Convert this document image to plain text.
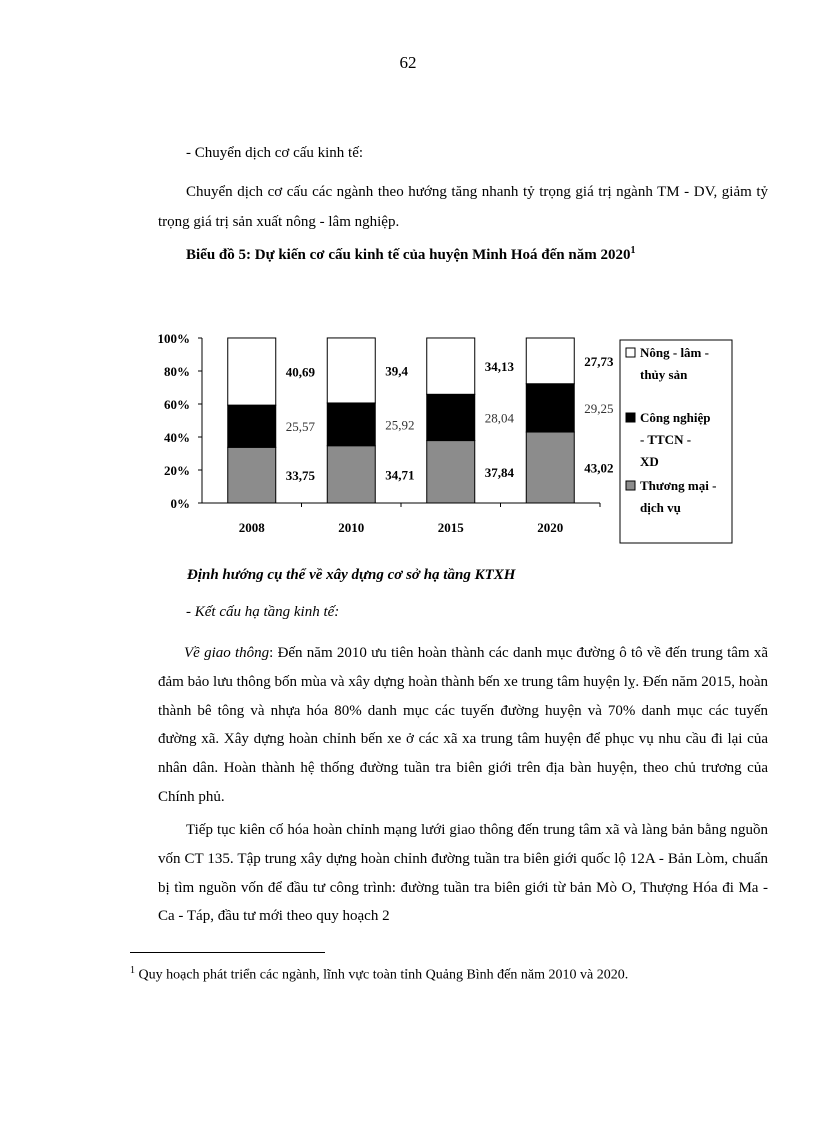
62
- Chuyển dịch cơ cấu kinh tế:
Chuyển dịch cơ cấu các ngành theo hướng tăng nhanh tỷ trọng giá trị ngành TM - DV, giảm tỷ trọng giá trị sản xuất nông - lâm nghiệp.
Biểu đồ 5: Dự kiến cơ cấu kinh tế của huyện Minh Hoá đến năm 2020$^1$
0%
20%
40%
60%
80%
100%
33,75
25,57
40,69
2008
34,71
25,92
39,4
2010
37,84
28,04
34,13
2015
43,02
29,25
27,73
2020
Nông - lâm -
thủy sản
Công nghiệp
- TTCN -
XD
Thương mại -
dịch vụ
Định hướng cụ thể về xây dựng cơ sở hạ tầng KTXH
- Kết cấu hạ tầng kinh tế:
Về giao thông: Đến năm 2010 ưu tiên hoàn thành các danh mục đường ô tô về đến trung tâm xã đảm bảo lưu thông bốn mùa và xây dựng hoàn thành bến xe trung tâm huyện lỵ. Đến năm 2015, hoàn thành bê tông và nhựa hóa 80% danh mục các tuyến đường huyện và 70% danh mục các tuyến đường xã. Xây dựng hoàn chỉnh bến xe ở các xã xa trung tâm huyện để phục vụ nhu cầu đi lại của nhân dân. Hoàn thành hệ thống đường tuần tra biên giới trên địa bàn huyện, theo chủ trương của Chính phủ.
Tiếp tục kiên cố hóa hoàn chỉnh mạng lưới giao thông đến trung tâm xã và làng bản bằng nguồn vốn CT 135. Tập trung xây dựng hoàn chỉnh đường tuần tra biên giới quốc lộ 12A - Bản Lòm, chuẩn bị tìm nguồn vốn để đầu tư công trình: đường tuần tra biên giới từ bản Mò O, Thượng Hóa đi Ma - Ca - Táp, đầu tư mới theo quy hoạch 2
$^1$ Quy hoạch phát triển các ngành, lĩnh vực toàn tỉnh Quảng Bình đến năm 2010 và 2020.
